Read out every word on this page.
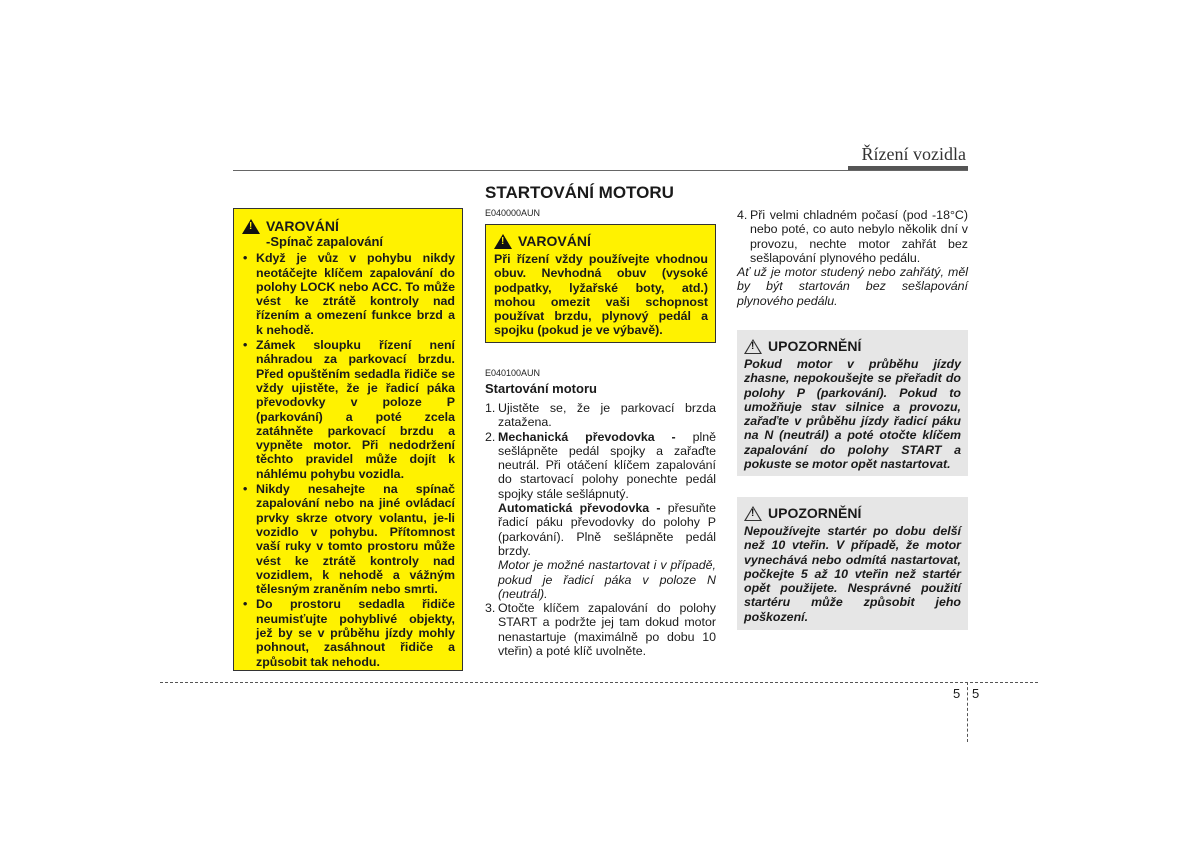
Řízení vozidla
! VAROVÁNÍ
-Spínač zapalování
• Když je vůz v pohybu nikdy neotáčejte klíčem zapalování do polohy LOCK nebo ACC. To může vést ke ztrátě kontroly nad řízením a omezení funkce brzd a k nehodě.
• Zámek sloupku řízení není náhradou za parkovací brzdu. Před opuštěním sedadla řidiče se vždy ujistěte, že je řadicí páka převodovky v poloze P (parkování) a poté zcela zatáhněte parkovací brzdu a vypněte motor. Při nedodržení těchto pravidel může dojít k náhlému pohybu vozidla.
• Nikdy nesahejte na spínač zapalování nebo na jiné ovládací prvky skrze otvory volantu, je-li vozidlo v pohybu. Přítomnost vaší ruky v tomto prostoru může vést ke ztrátě kontroly nad vozidlem, k nehodě a vážným tělesným zraněním nebo smrti.
• Do prostoru sedadla řidiče neumisťujte pohyblivé objekty, jež by se v průběhu jízdy mohly pohnout, zasáhnout řidiče a způsobit tak nehodu.
STARTOVÁNÍ MOTORU
E040000AUN
! VAROVÁNÍ
Při řízení vždy používejte vhodnou obuv. Nevhodná obuv (vysoké podpatky, lyžařské boty, atd.) mohou omezit vaši schopnost používat brzdu, plynový pedál a spojku (pokud je ve výbavě).
E040100AUN
Startování motoru
1. Ujistěte se, že je parkovací brzda zatažena.
2. Mechanická převodovka - plně sešlápněte pedál spojky a zařaďte neutrál. Při otáčení klíčem zapalování do startovací polohy ponechte pedál spojky stále sešlápnutý.
Automatická převodovka - přesuňte řadicí páku převodovky do polohy P (parkování). Plně sešlápněte pedál brzdy.
Motor je možné nastartovat i v případě, pokud je řadicí páka v poloze N (neutrál).
3. Otočte klíčem zapalování do polohy START a podržte jej tam dokud motor nenastartuje (maximálně po dobu 10 vteřin) a poté klíč uvolněte.
4. Při velmi chladném počasí (pod -18°C) nebo poté, co auto nebylo několik dní v provozu, nechte motor zahřát bez sešlapování plynového pedálu.
Ať už je motor studený nebo zahřátý, měl by být startován bez sešlapování plynového pedálu.
! UPOZORNĚNÍ
Pokud motor v průběhu jízdy zhasne, nepokoušejte se přeřadit do polohy P (parkování). Pokud to umožňuje stav silnice a provozu, zařaďte v průběhu jízdy řadicí páku na N (neutrál) a poté otočte klíčem zapalování do polohy START a pokuste se motor opět nastartovat.
! UPOZORNĚNÍ
Nepoužívejte startér po dobu delší než 10 vteřin. V případě, že motor vynechává nebo odmítá nastartovat, počkejte 5 až 10 vteřin než startér opět použijete. Nesprávné použití startéru může způsobit jeho poškození.
5 5
